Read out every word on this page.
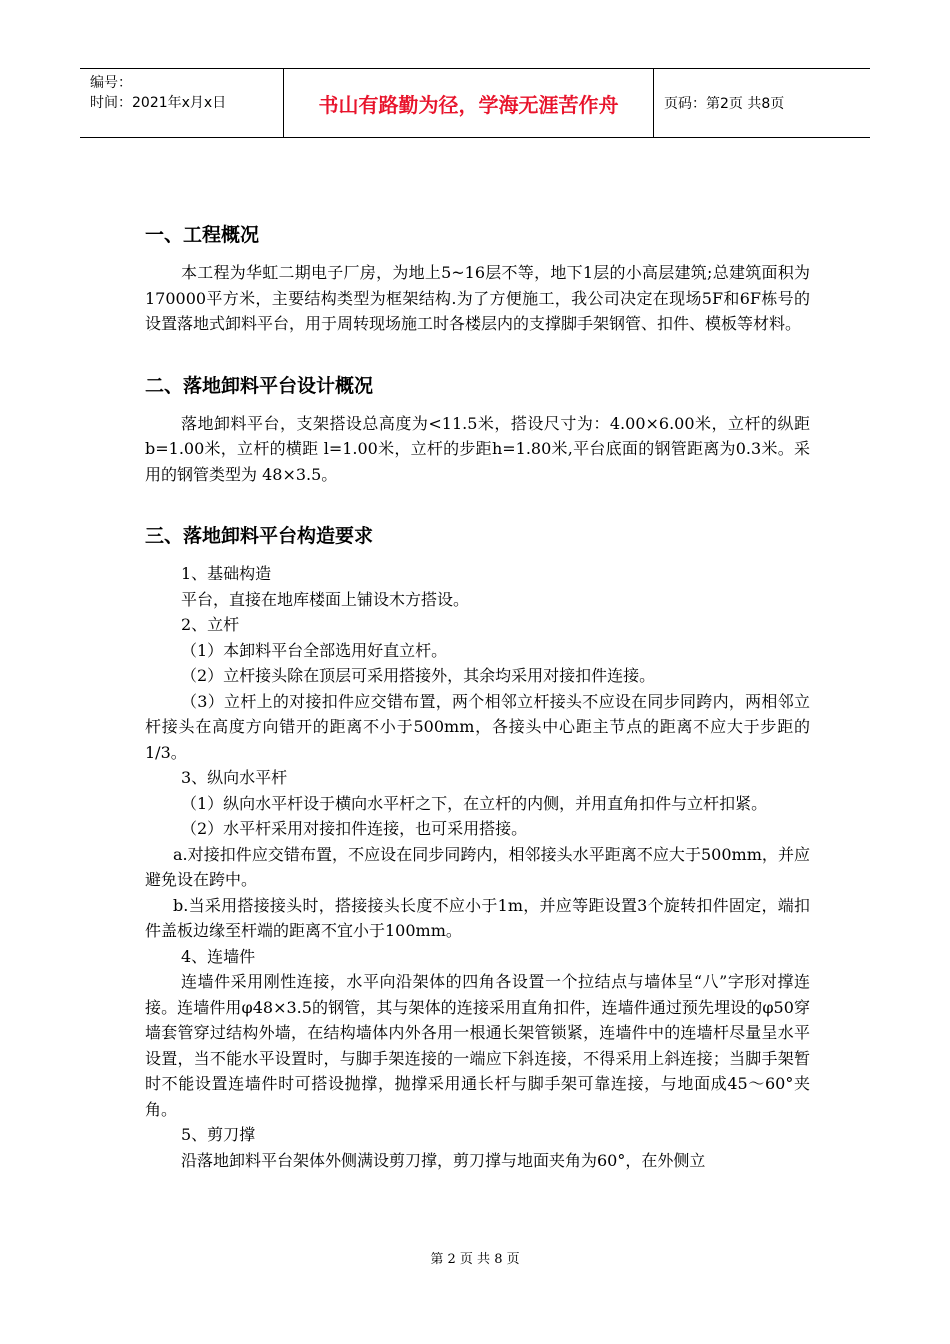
编号：
时间：2021年x月x日	书山有路勤为径，学海无涯苦作舟	页码：第2页 共8页
一、工程概况

本工程为华虹二期电子厂房，为地上5~16层不等，地下1层的小高层建筑;总建筑面积为170000平方米，主要结构类型为框架结构.为了方便施工，我公司决定在现场5F和6F栋号的设置落地式卸料平台，用于周转现场施工时各楼层内的支撑脚手架钢管、扣件、模板等材料。

二、落地卸料平台设计概况

落地卸料平台，支架搭设总高度为<11.5米，搭设尺寸为：4.00×6.00米，立杆的纵距 b=1.00米，立杆的横距 l=1.00米，立杆的步距h=1.80米,平台底面的钢管距离为0.3米。采用的钢管类型为 48×3.5。

三、落地卸料平台构造要求

1、基础构造

平台，直接在地库楼面上铺设木方搭设。

2、立杆

（1）本卸料平台全部选用好直立杆。

（2）立杆接头除在顶层可采用搭接外，其余均采用对接扣件连接。

（3）立杆上的对接扣件应交错布置，两个相邻立杆接头不应设在同步同跨内，两相邻立杆接头在高度方向错开的距离不小于500mm，各接头中心距主节点的距离不应大于步距的1/3。

3、纵向水平杆

（1）纵向水平杆设于横向水平杆之下，在立杆的内侧，并用直角扣件与立杆扣紧。

（2）水平杆采用对接扣件连接，也可采用搭接。

a.对接扣件应交错布置，不应设在同步同跨内，相邻接头水平距离不应大于500mm，并应避免设在跨中。

b.当采用搭接接头时，搭接接头长度不应小于1m，并应等距设置3个旋转扣件固定，端扣件盖板边缘至杆端的距离不宜小于100mm。

4、连墙件

连墙件采用刚性连接，水平向沿架体的四角各设置一个拉结点与墙体呈“八”字形对撑连接。连墙件用φ48×3.5的钢管，其与架体的连接采用直角扣件，连墙件通过预先埋设的φ50穿墙套管穿过结构外墙，在结构墙体内外各用一根通长架管锁紧，连墙件中的连墙杆尽量呈水平设置，当不能水平设置时，与脚手架连接的一端应下斜连接，不得采用上斜连接；当脚手架暂时不能设置连墙件时可搭设抛撑，抛撑采用通长杆与脚手架可靠连接，与地面成45～60°夹角。

5、剪刀撑

沿落地卸料平台架体外侧满设剪刀撑，剪刀撑与地面夹角为60°，在外侧立

第 2 页 共 8 页
